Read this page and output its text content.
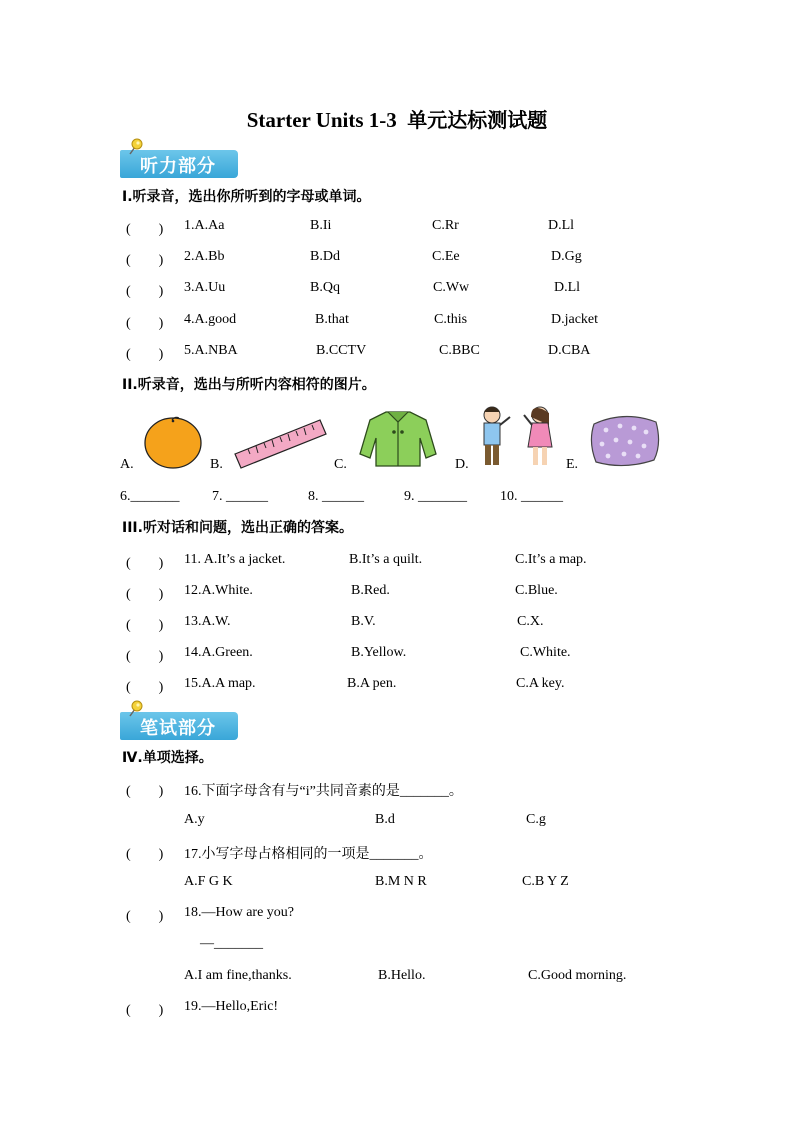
Starter Units 1-3 单元达标测试题
听力部分
Ⅰ.听录音，选出你所听到的字母或单词。
(　　) 1.A.Aa	B.Ii	C.Rr	D.Ll
(　　) 2.A.Bb	B.Dd	C.Ee	D.Gg
(　　) 3.A.Uu	B.Qq	C.Ww	D.Ll
(　　) 4.A.good	B.that	C.this	D.jacket
(　　) 5.A.NBA	B.CCTV	C.BBC	D.CBA
II.听录音，选出与所听内容相符的图片。
A.	B.	C.	D.	E.
6._______ 7. ______	8. ______	9. _______ 10. ______
III.听对话和问题，选出正确的答案。
(　　) 11. A.It’s a jacket.	B.It’s a quilt.	C.It’s a map.
(　　) 12.A.White.	B.Red.	C.Blue.
(　　) 13.A.W.	B.V.	C.X.
(　　) 14.A.Green.	B.Yellow.	C.White.
(　　) 15.A.A map.	B.A pen.	C.A key.
笔试部分
Ⅳ.单项选择。
(　　) 16.下面字母含有与“i”共同音素的是_______。
A.y	B.d	C.g
(　　) 17.小写字母占格相同的一项是_______。
A.F G K	B.M N R	C.B Y Z
(　　) 18.—How are you?
—_______
A.I am fine,thanks.	B.Hello.	C.Good morning.
(　　) 19.—Hello,Eric!
